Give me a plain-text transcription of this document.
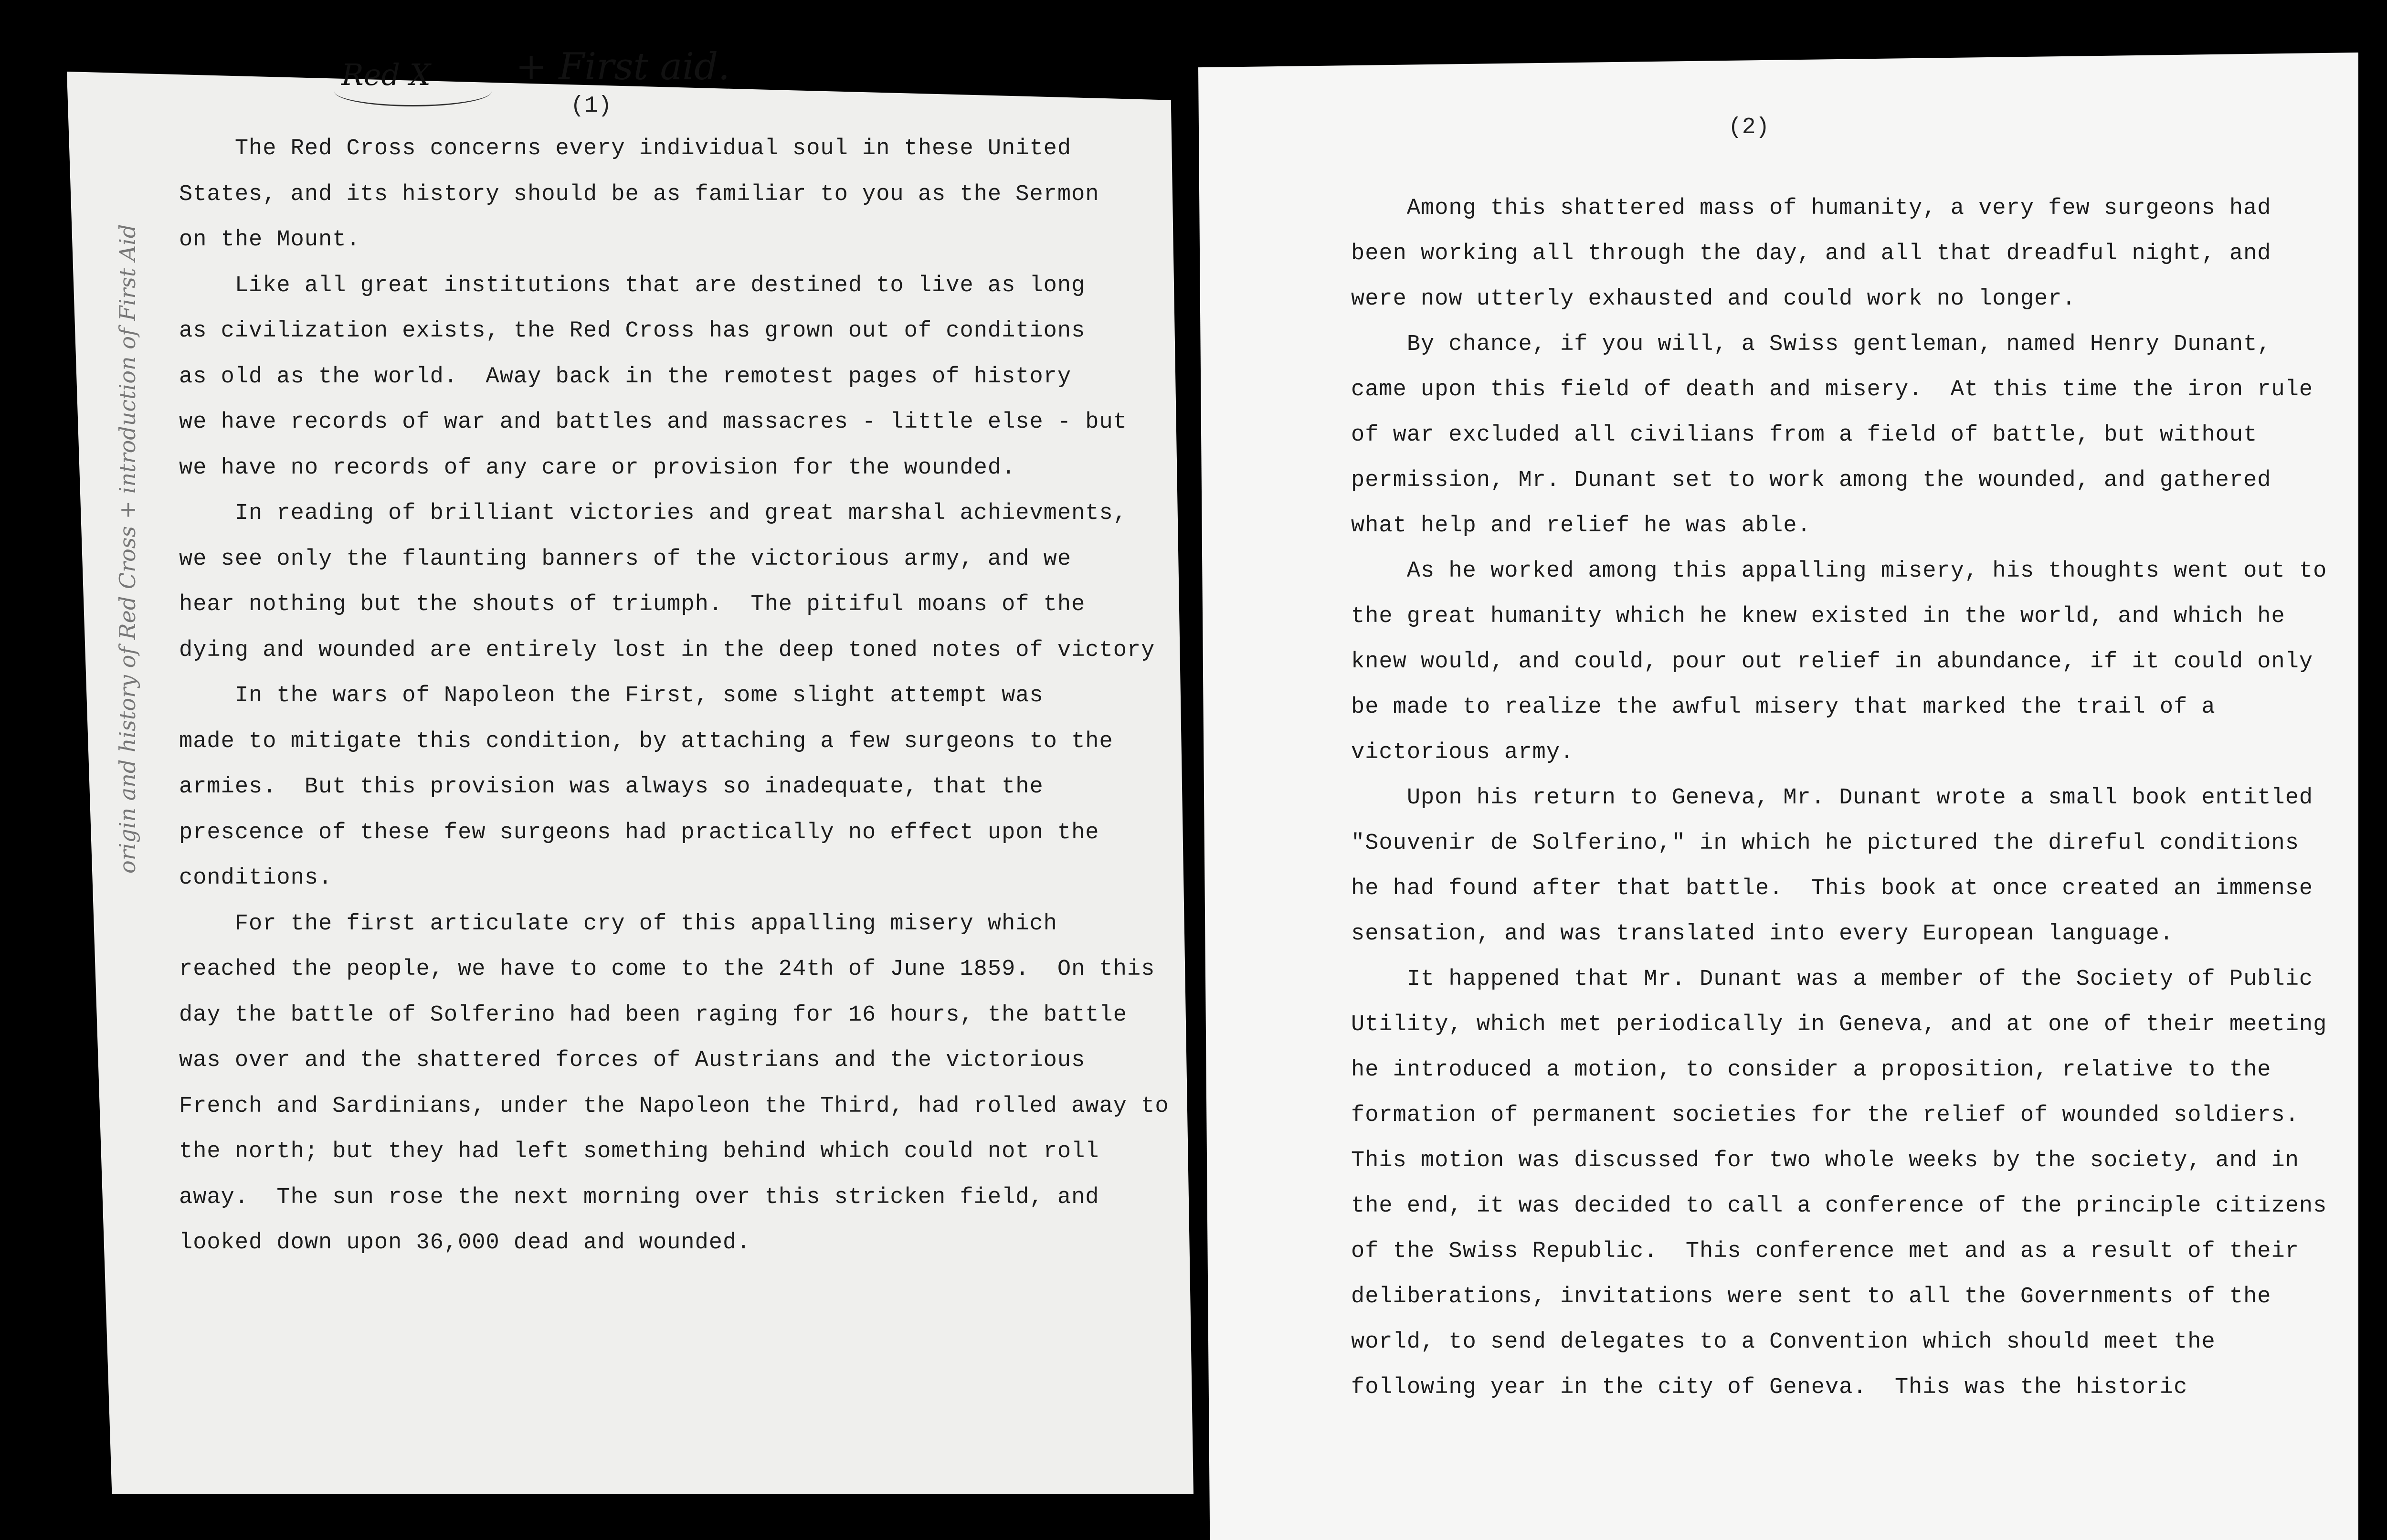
Red X + First aid.
(1)
origin and history of Red Cross + introduction of First Aid
(2)
The Red Cross concerns every individual soul in these United
States, and its history should be as familiar to you as the Sermon
on the Mount.
Like all great institutions that are destined to live as long
as civilization exists, the Red Cross has grown out of conditions
as old as the world.  Away back in the remotest pages of history
we have records of war and battles and massacres - little else - but
we have no records of any care or provision for the wounded.
In reading of brilliant victories and great marshal achievments,
we see only the flaunting banners of the victorious army, and we
hear nothing but the shouts of triumph.  The pitiful moans of the
dying and wounded are entirely lost in the deep toned notes of victory
In the wars of Napoleon the First, some slight attempt was
made to mitigate this condition, by attaching a few surgeons to the
armies.  But this provision was always so inadequate, that the
prescence of these few surgeons had practically no effect upon the
conditions.
For the first articulate cry of this appalling misery which
reached the people, we have to come to the 24th of June 1859.  On this
day the battle of Solferino had been raging for 16 hours, the battle
was over and the shattered forces of Austrians and the victorious
French and Sardinians, under the Napoleon the Third, had rolled away to
the north; but they had left something behind which could not roll
away.  The sun rose the next morning over this stricken field, and
looked down upon 36,000 dead and wounded.
Among this shattered mass of humanity, a very few surgeons had
been working all through the day, and all that dreadful night, and
were now utterly exhausted and could work no longer.
By chance, if you will, a Swiss gentleman, named Henry Dunant,
came upon this field of death and misery.  At this time the iron rule
of war excluded all civilians from a field of battle, but without
permission, Mr. Dunant set to work among the wounded, and gathered
what help and relief he was able.
As he worked among this appalling misery, his thoughts went out to
the great humanity which he knew existed in the world, and which he
knew would, and could, pour out relief in abundance, if it could only
be made to realize the awful misery that marked the trail of a
victorious army.
Upon his return to Geneva, Mr. Dunant wrote a small book entitled
"Souvenir de Solferino," in which he pictured the direful conditions
he had found after that battle.  This book at once created an immense
sensation, and was translated into every European language.
It happened that Mr. Dunant was a member of the Society of Public
Utility, which met periodically in Geneva, and at one of their meeting
he introduced a motion, to consider a proposition, relative to the
formation of permanent societies for the relief of wounded soldiers.
This motion was discussed for two whole weeks by the society, and in
the end, it was decided to call a conference of the principle citizens
of the Swiss Republic.  This conference met and as a result of their
deliberations, invitations were sent to all the Governments of the
world, to send delegates to a Convention which should meet the
following year in the city of Geneva.  This was the historic
